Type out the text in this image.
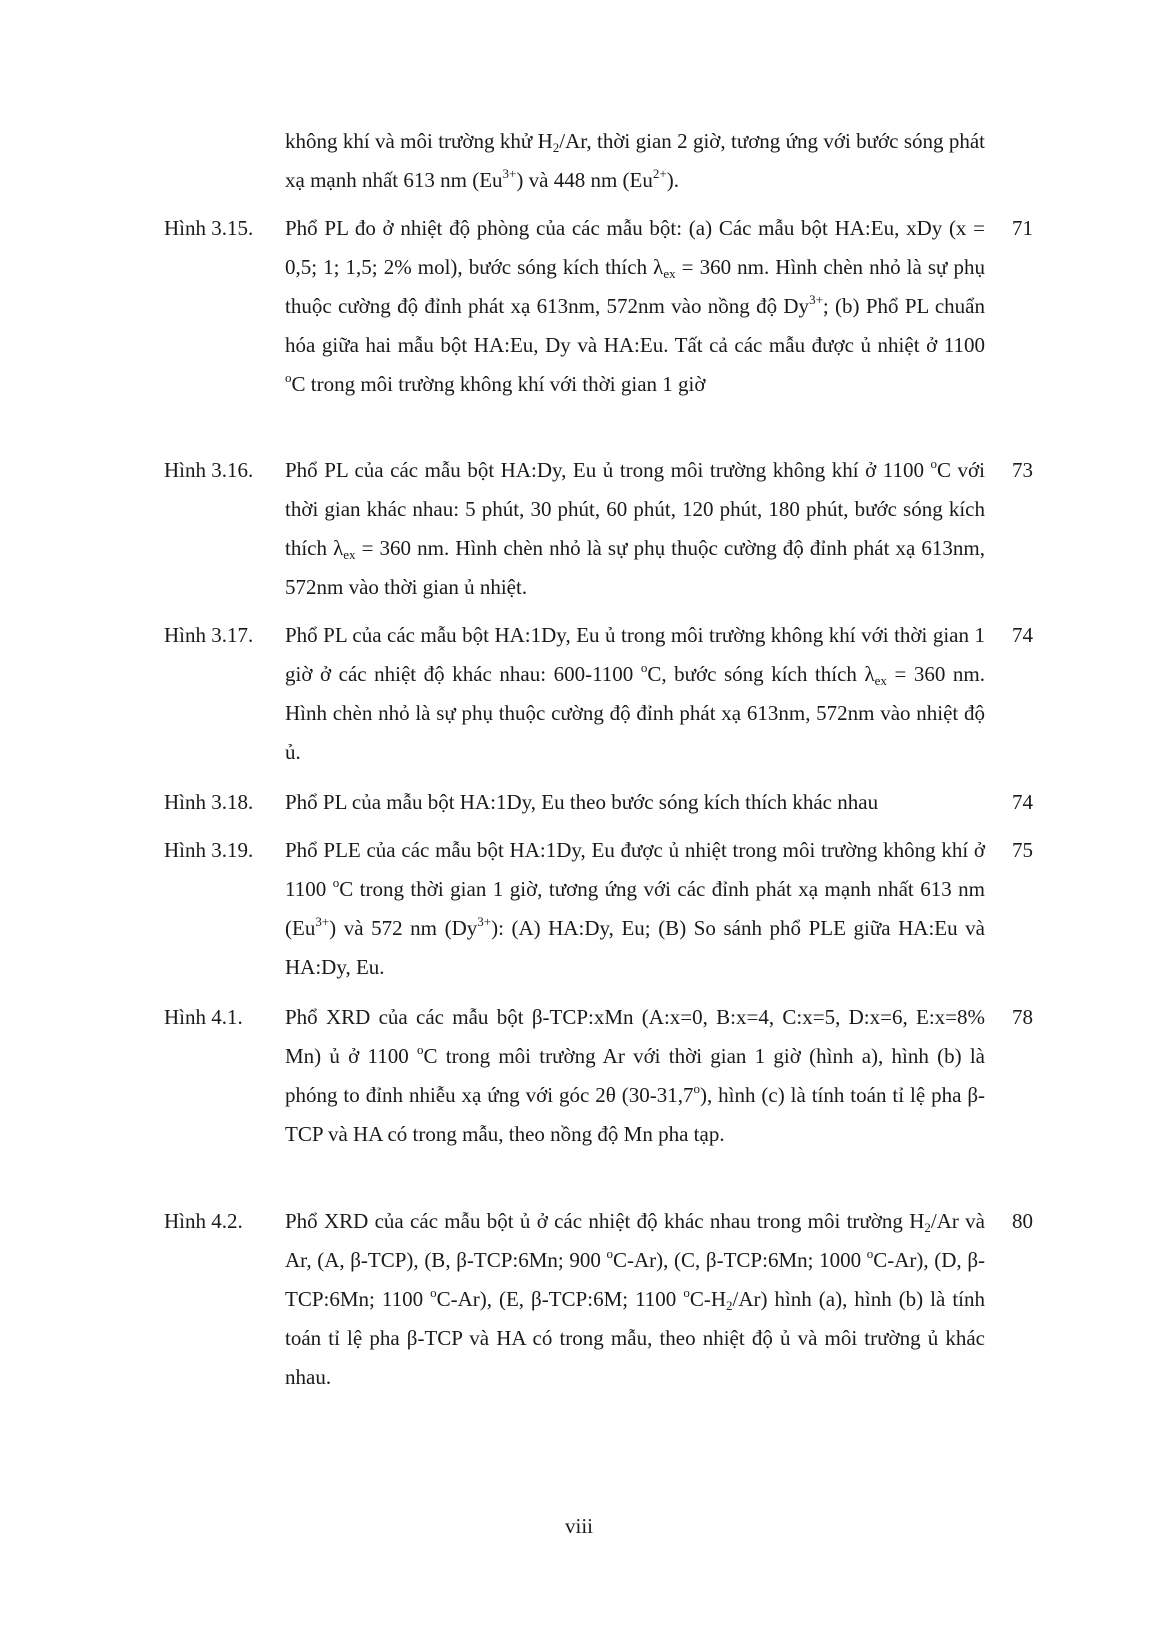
không khí và môi trường khử $H_2/Ar$, thời gian 2 giờ, tương ứng với bước sóng phát xạ mạnh nhất 613 nm $(Eu^{3+})$ và 448 nm $(Eu^{2+})$.
Hình 3.15. Phổ PL đo ở nhiệt độ phòng của các mẫu bột: (a) Các mẫu bột HA:Eu, xDy (x = 0,5; 1; 1,5; 2% mol), bước sóng kích thích $\lambda_{ex} = 360$ nm. Hình chèn nhỏ là sự phụ thuộc cường độ đỉnh phát xạ 613nm, 572nm vào nồng độ $Dy^{3+}$; (b) Phổ PL chuẩn hóa giữa hai mẫu bột HA:Eu, Dy và HA:Eu. Tất cả các mẫu được ủ nhiệt ở 1100 $^o$C trong môi trường không khí với thời gian 1 giờ
71
Hình 3.16. Phổ PL của các mẫu bột HA:Dy, Eu ủ trong môi trường không khí ở 1100 $^o$C với thời gian khác nhau: 5 phút, 30 phút, 60 phút, 120 phút, 180 phút, bước sóng kích thích $\lambda_{ex} = 360$ nm. Hình chèn nhỏ là sự phụ thuộc cường độ đỉnh phát xạ 613nm, 572nm vào thời gian ủ nhiệt.
73
Hình 3.17. Phổ PL của các mẫu bột HA:1Dy, Eu ủ trong môi trường không khí với thời gian 1 giờ ở các nhiệt độ khác nhau: 600-1100 $^o$C, bước sóng kích thích $\lambda_{ex} = 360$ nm. Hình chèn nhỏ là sự phụ thuộc cường độ đỉnh phát xạ 613nm, 572nm vào nhiệt độ ủ.
74
Hình 3.18. Phổ PL của mẫu bột HA:1Dy, Eu theo bước sóng kích thích khác nhau	74
Hình 3.19. Phổ PLE của các mẫu bột HA:1Dy, Eu được ủ nhiệt trong môi trường không khí ở 1100 $^o$C trong thời gian 1 giờ, tương ứng với các đỉnh phát xạ mạnh nhất 613 nm $(Eu^{3+})$ và 572 nm $(Dy^{3+})$: (A) HA:Dy, Eu; (B) So sánh phổ PLE giữa HA:Eu và HA:Dy, Eu.
75
Hình 4.1. Phổ XRD của các mẫu bột β-TCP:xMn (A:x=0, B:x=4, C:x=5, D:x=6, E:x=8% Mn) ủ ở 1100 $^o$C trong môi trường Ar với thời gian 1 giờ (hình a), hình (b) là phóng to đỉnh nhiễu xạ ứng với góc 2θ (30-31,7$^o$), hình (c) là tính toán tỉ lệ pha β-TCP và HA có trong mẫu, theo nồng độ Mn pha tạp.
78
Hình 4.2. Phổ XRD của các mẫu bột ủ ở các nhiệt độ khác nhau trong môi trường $H_2/Ar$ và Ar, (A, β-TCP), (B, β-TCP:6Mn; 900 $^o$C-Ar), (C, β-TCP:6Mn; 1000 $^o$C-Ar), (D, β-TCP:6Mn; 1100 $^o$C-Ar), (E, β-TCP:6M; 1100 $^oC-H_2/Ar$) hình (a), hình (b) là tính toán tỉ lệ pha β-TCP và HA có trong mẫu, theo nhiệt độ ủ và môi trường ủ khác nhau.
80
viii
